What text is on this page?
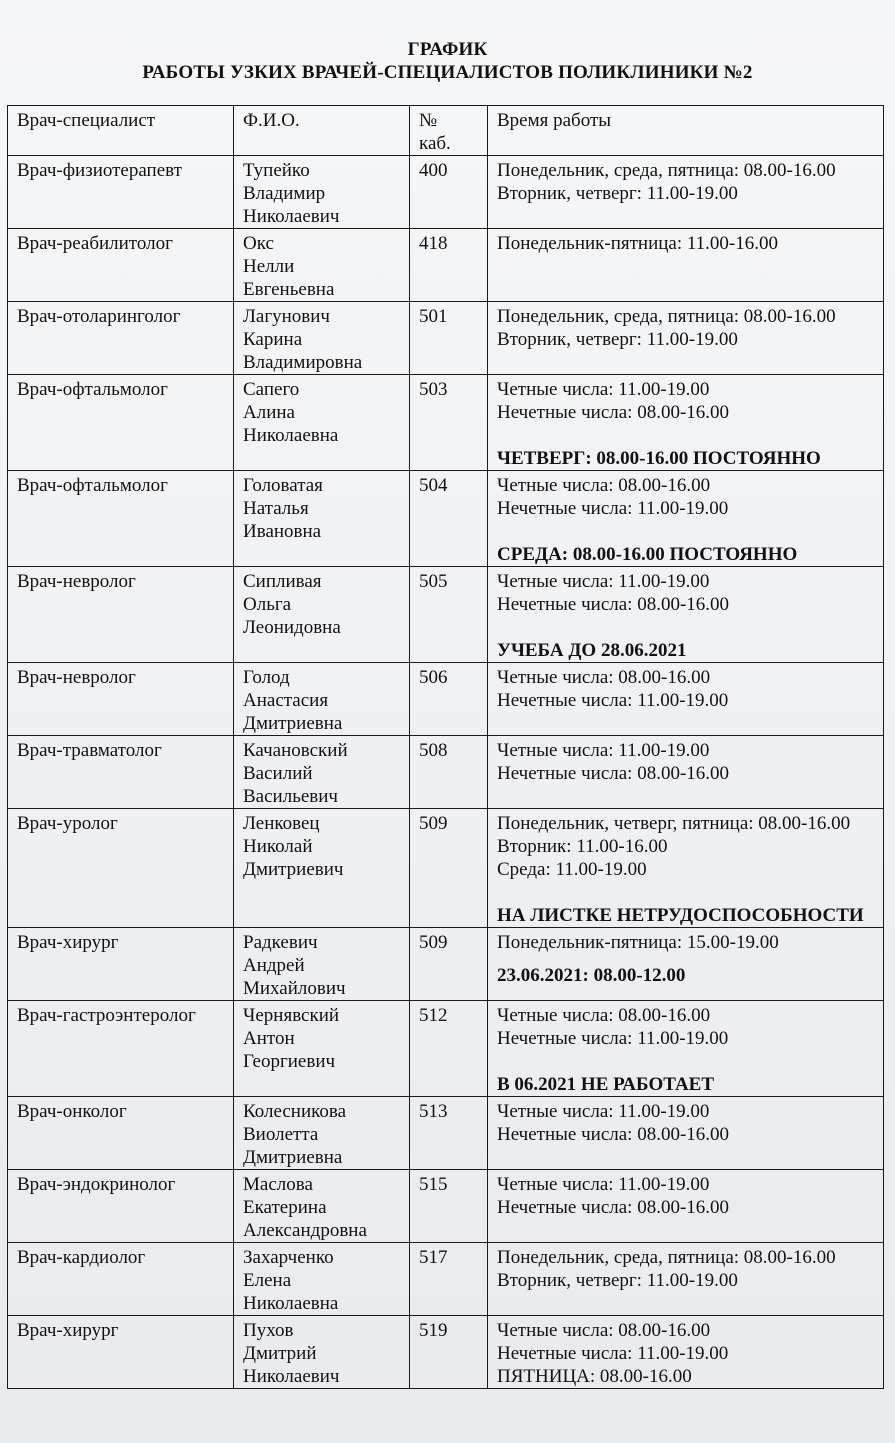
ГРАФИК
РАБОТЫ УЗКИХ ВРАЧЕЙ-СПЕЦИАЛИСТОВ ПОЛИКЛИНИКИ №2
Врач-специалист	Ф.И.О.	№
каб.	Время работы
Врач-физиотерапевт	Тупейко
Владимир
Николаевич	400	Понедельник, среда, пятница: 08.00-16.00
Вторник, четверг: 11.00-19.00

Врач-реабилитолог	Окс
Нелли
Евгеньевна	418	Понедельник-пятница: 11.00-16.00

Врач-отоларинголог	Лагунович
Карина
Владимировна	501	Понедельник, среда, пятница: 08.00-16.00
Вторник, четверг: 11.00-19.00

Врач-офтальмолог	Сапего
Алина
Николаевна	503	Четные числа: 11.00-19.00
Нечетные числа: 08.00-16.00
ЧЕТВЕРГ: 08.00-16.00 ПОСТОЯННО

Врач-офтальмолог	Головатая
Наталья
Ивановна	504	Четные числа: 08.00-16.00
Нечетные числа: 11.00-19.00
СРЕДА: 08.00-16.00 ПОСТОЯННО

Врач-невролог	Сипливая
Ольга
Леонидовна	505	Четные числа: 11.00-19.00
Нечетные числа: 08.00-16.00
УЧЕБА ДО 28.06.2021

Врач-невролог	Голод
Анастасия
Дмитриевна	506	Четные числа: 08.00-16.00
Нечетные числа: 11.00-19.00

Врач-травматолог	Качановский
Василий
Васильевич	508	Четные числа: 11.00-19.00
Нечетные числа: 08.00-16.00

Врач-уролог	Ленковец
Николай
Дмитриевич	509	Понедельник, четверг, пятница: 08.00-16.00
Вторник: 11.00-16.00
Среда: 11.00-19.00
НА ЛИСТКЕ НЕТРУДОСПОСОБНОСТИ

Врач-хирург	Радкевич
Андрей
Михайлович	509	Понедельник-пятница: 15.00-19.00
23.06.2021: 08.00-12.00

Врач-гастроэнтеролог	Чернявский
Антон
Георгиевич	512	Четные числа: 08.00-16.00
Нечетные числа: 11.00-19.00
В 06.2021 НЕ РАБОТАЕТ

Врач-онколог	Колесникова
Виолетта
Дмитриевна	513	Четные числа: 11.00-19.00
Нечетные числа: 08.00-16.00

Врач-эндокринолог	Маслова
Екатерина
Александровна	515	Четные числа: 11.00-19.00
Нечетные числа: 08.00-16.00

Врач-кардиолог	Захарченко
Елена
Николаевна	517	Понедельник, среда, пятница: 08.00-16.00
Вторник, четверг: 11.00-19.00

Врач-хирург	Пухов
Дмитрий
Николаевич	519	Четные числа: 08.00-16.00
Нечетные числа: 11.00-19.00
ПЯТНИЦА: 08.00-16.00
